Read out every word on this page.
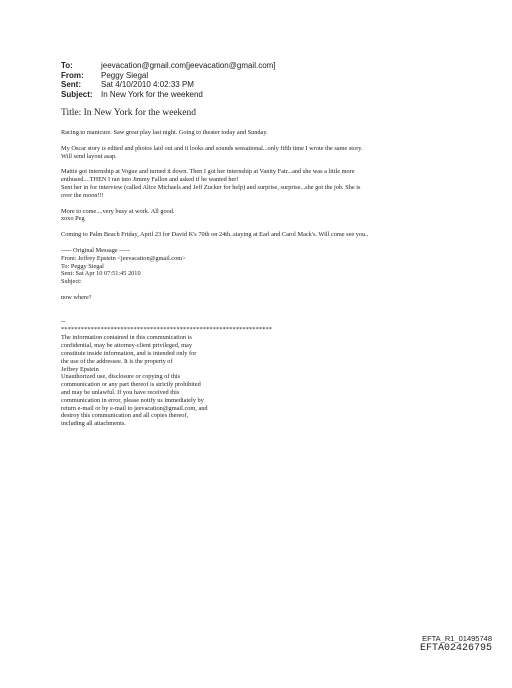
To:	jeevacation@gmail.com[jeevacation@gmail.com]
From:	Peggy Siegal
Sent:	Sat 4/10/2010 4:02:33 PM
Subject:	In New York for the weekend
Title: In New York for the weekend
Racing to manicure. Saw great play last night. Going to theater today and Sunday.
My Oscar story is edited and photos laid out and it looks and sounds sensational...only fifth time I wrote the same story.
Will send layout asap.
Mattie got internship at Vogue and turned it down. Then I got her internship at Vanity Fair...and she was a little more
enthused....THEN I ran into Jimmy Fallon and asked if he wanted her!
Sent her in for interview (called Alice Michaels and Jeff Zucker for help) and surprise, surprise...she got the job. She is
over the moon!!!
More to come....very busy at work. All good.
xoxo Peg
Coming to Palm Beach Friday, April 23 for David K's 70th on 24th..staying at Earl and Carol Mack's. Will come see you..
----- Original Message -----
From: Jeffrey Epstein <jeevacation@gmail.com>
To: Peggy Siegal
Sent: Sat Apr 10 07:51:45 2010
Subject:
now where?
--
****************************************************************
The information contained in this communication is
confidential, may be attorney-client privileged, may
constitute inside information, and is intended only for
the use of the addressee. It is the property of
Jeffrey Epstein
Unauthorized use, disclosure or copying of this
communication or any part thereof is strictly prohibited
and may be unlawful. If you have received this
communication in error, please notify us immediately by
return e-mail or by e-mail to jeevacation@gmail.com, and
destroy this communication and all copies thereof,
including all attachments.
EFTA_R1_01495748
EFTA02426795
